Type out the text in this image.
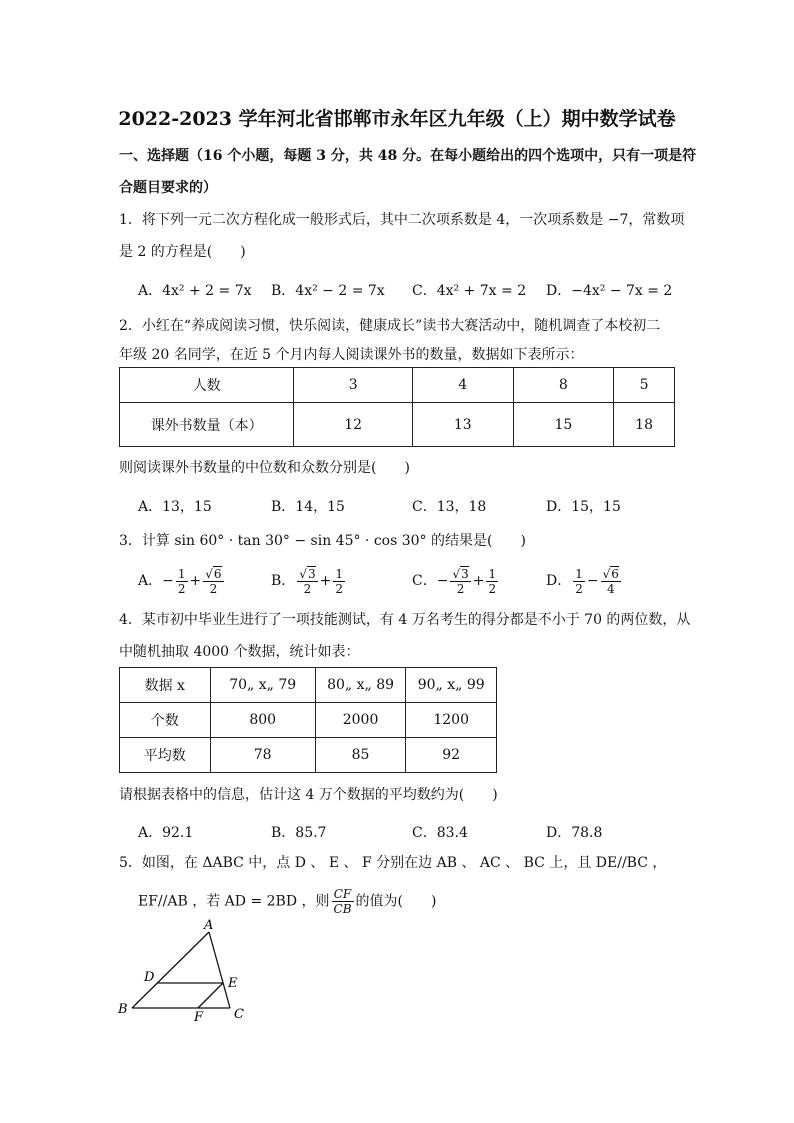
2022-2023 学年河北省邯郸市永年区九年级（上）期中数学试卷
一、选择题（16 个小题，每题 3 分，共 48 分。在每小题给出的四个选项中，只有一项是符
合题目要求的）
1．将下列一元二次方程化成一般形式后，其中二次项系数是 4，一次项系数是 −7，常数项
是 2 的方程是(　　)
A．4x² + 2 = 7x B．4x² − 2 = 7x C．4x² + 7x = 2 D．−4x² − 7x = 2
2．小红在“养成阅读习惯，快乐阅读，健康成长”读书大赛活动中，随机调查了本校初二
年级 20 名同学，在近 5 个月内每人阅读课外书的数量，数据如下表所示：
人数	3	4	8	5
课外书数量（本）	12	13	15	18
则阅读课外书数量的中位数和众数分别是(　　)
A．13，15	B．14，15	C．13，18	D．15，15
3．计算 sin 60° · tan 30° − sin 45° · cos 30° 的结果是(　　)
A．− $\frac{1}{2} + \frac{√6}{2}$	B． $\frac{√3}{2} + \frac{1}{2}$	C．− $\frac{√3}{2} + \frac{1}{2}$	D． $\frac{1}{2} - \frac{√6}{4}$
4．某市初中毕业生进行了一项技能测试，有 4 万名考生的得分都是不小于 70 的两位数，从
中随机抽取 4000 个数据，统计如表：
数据 x	70„ x„ 79	80„ x„ 89	90„ x„ 99
个数	800	2000	1200
平均数	78	85	92
请根据表格中的信息，估计这 4 万个数据的平均数约为(　　)
A．92.1	B．85.7	C．83.4	D．78.8
5．如图，在 ΔABC 中，点 D 、 E 、 F 分别在边 AB 、 AC 、 BC 上，且 DE//BC ，
EF//AB ，若 AD = 2BD ，则 $\frac{CF}{CB}$ 的值为(　　)
A
B	C
D	E
F
